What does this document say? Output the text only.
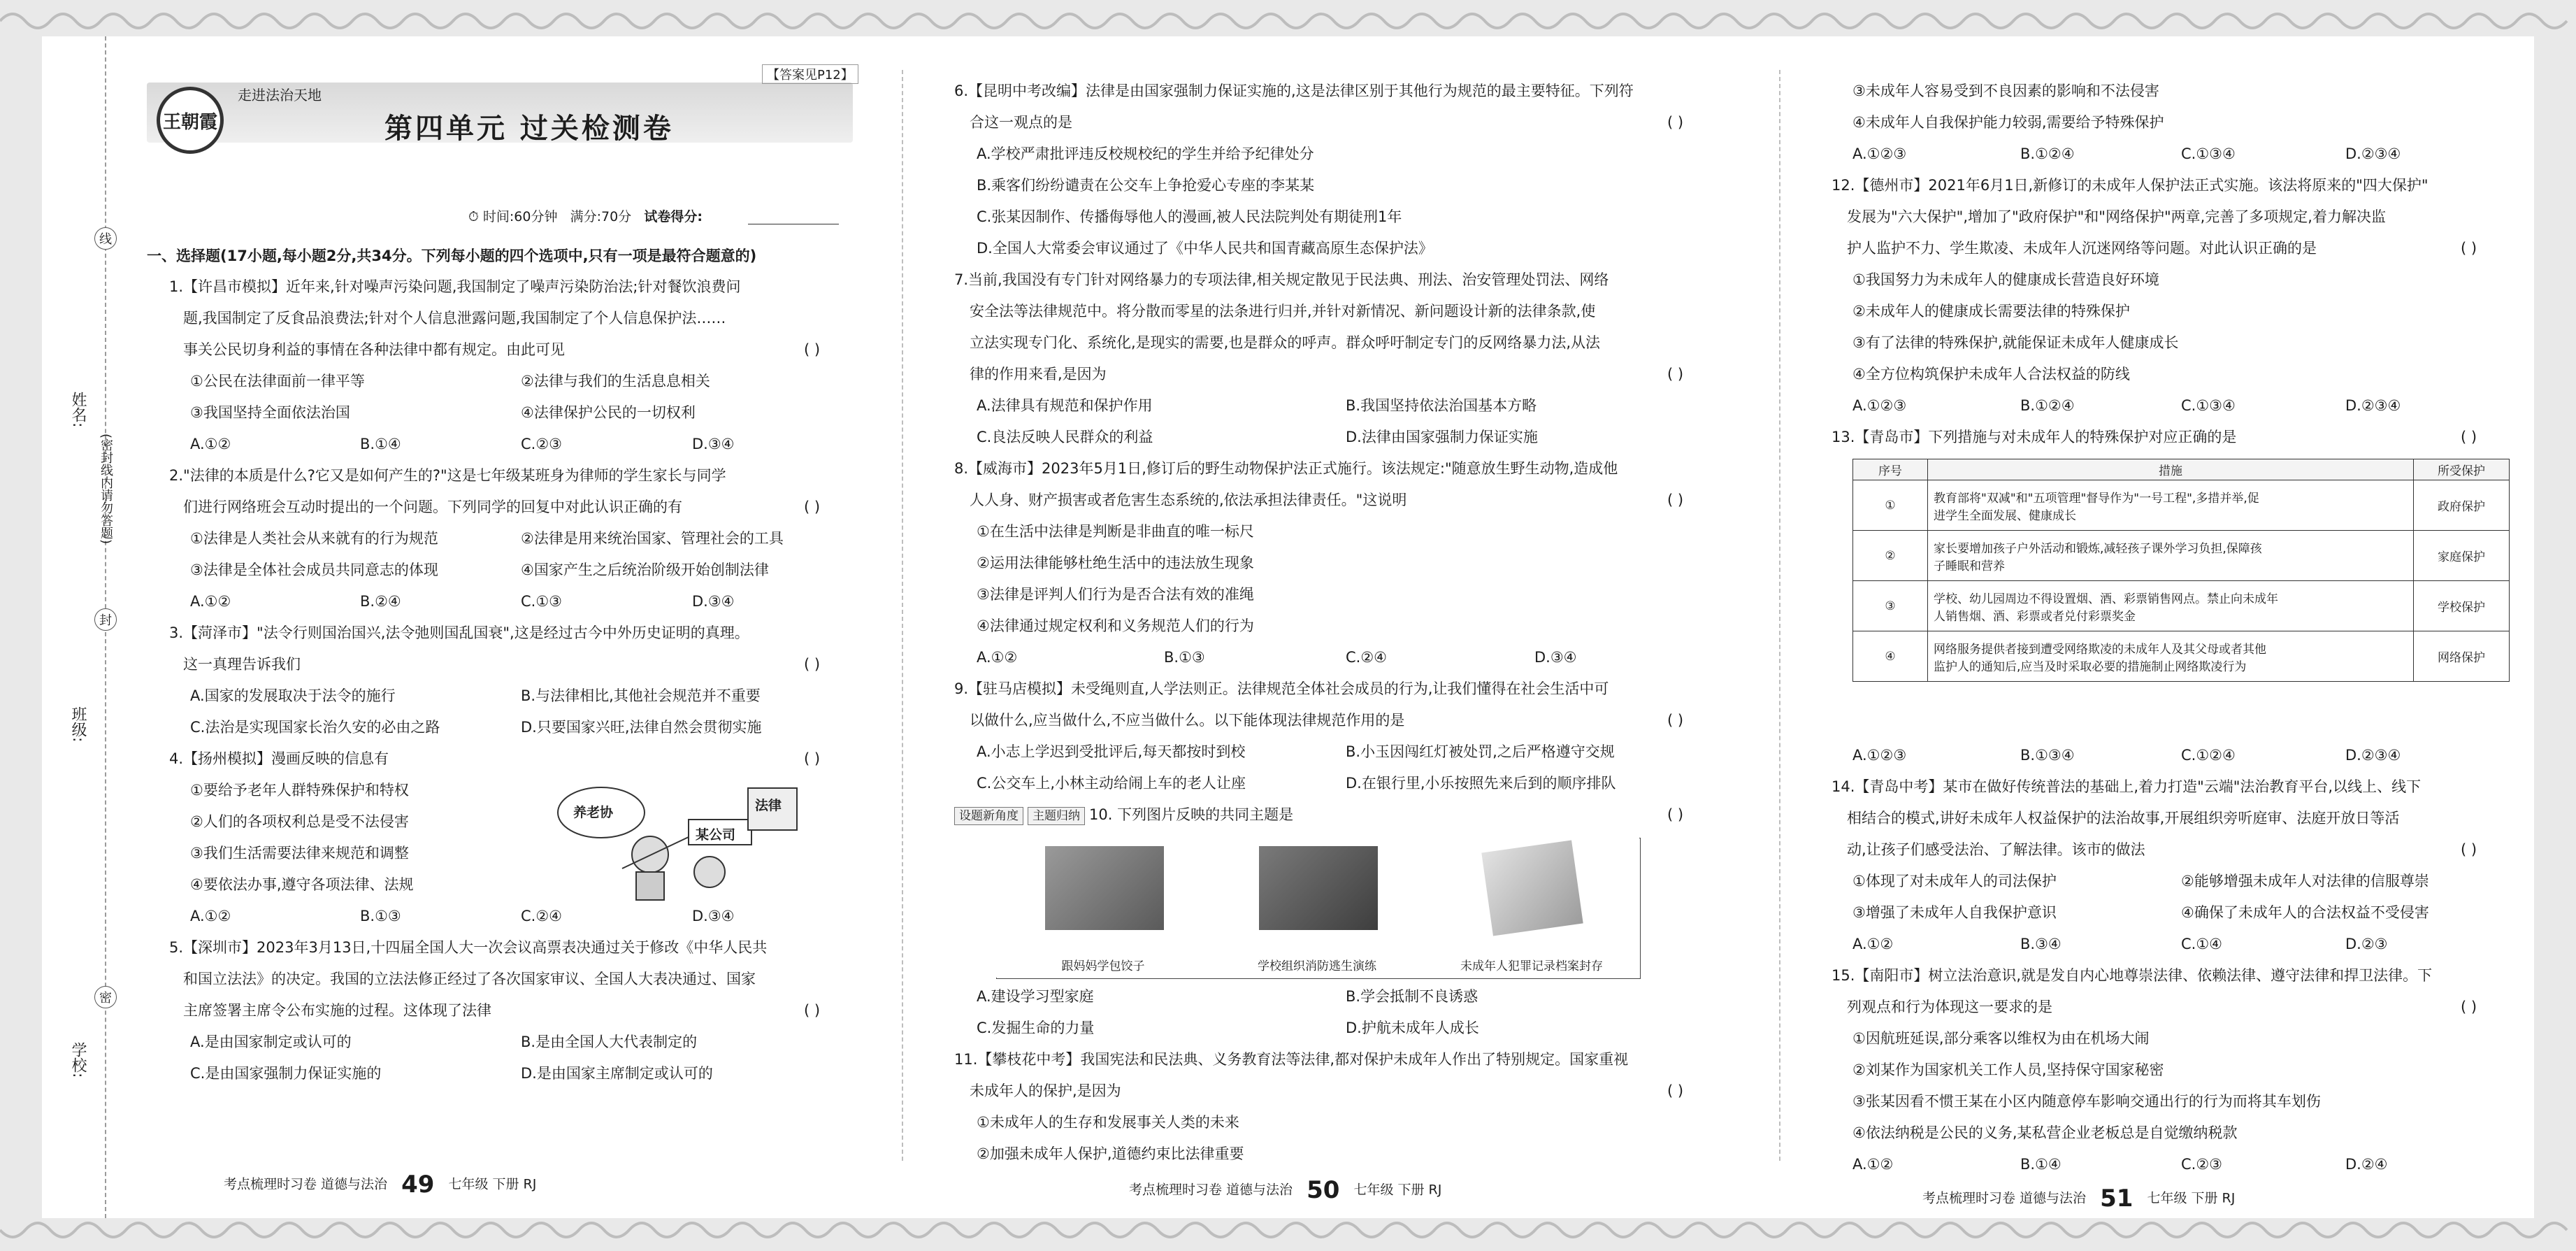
线
封
密
姓名:
(密封线内请勿答题)
班级:
学校:
王朝霞
走进法治天地
【答案见P12】
第四单元 过关检测卷
⏱ 时间:60分钟 满分:70分 试卷得分:
一、选择题(17小题,每小题2分,共34分。下列每小题的四个选项中,只有一项是最符合题意的)
1.【许昌市模拟】近年来,针对噪声污染问题,我国制定了噪声污染防治法;针对餐饮浪费问
题,我国制定了反食品浪费法;针对个人信息泄露问题,我国制定了个人信息保护法……
事关公民切身利益的事情在各种法律中都有规定。由此可见	( )
①公民在法律面前一律平等	②法律与我们的生活息息相关
③我国坚持全面依法治国	④法律保护公民的一切权利
A.①②	B.①④	C.②③	D.③④
2."法律的本质是什么?它又是如何产生的?"这是七年级某班身为律师的学生家长与同学
们进行网络班会互动时提出的一个问题。下列同学的回复中对此认识正确的有	( )
①法律是人类社会从来就有的行为规范	②法律是用来统治国家、管理社会的工具
③法律是全体社会成员共同意志的体现	④国家产生之后统治阶级开始创制法律
A.①②	B.②④	C.①③	D.③④
3.【菏泽市】"法令行则国治国兴,法令弛则国乱国衰",这是经过古今中外历史证明的真理。
这一真理告诉我们	( )
A.国家的发展取决于法令的施行	B.与法律相比,其他社会规范并不重要
C.法治是实现国家长治久安的必由之路	D.只要国家兴旺,法律自然会贯彻实施
4.【扬州模拟】漫画反映的信息有	( )
①要给予老年人群特殊保护和特权
②人们的各项权利总是受不法侵害
③我们生活需要法律来规范和调整
④要依法办事,遵守各项法律、法规
养老协
某公司
法律
A.①②	B.①③	C.②④	D.③④
5.【深圳市】2023年3月13日,十四届全国人大一次会议高票表决通过关于修改《中华人民共
和国立法法》的决定。我国的立法法修正经过了各次国家审议、全国人大表决通过、国家
主席签署主席令公布实施的过程。这体现了法律	( )
A.是由国家制定或认可的	B.是由全国人大代表制定的
C.是由国家强制力保证实施的	D.是由国家主席制定或认可的
考点梳理时习卷 道德与法治 49 七年级 下册 RJ
6.【昆明中考改编】法律是由国家强制力保证实施的,这是法律区别于其他行为规范的最主要特征。下列符
合这一观点的是	( )
A.学校严肃批评违反校规校纪的学生并给予纪律处分
B.乘客们纷纷谴责在公交车上争抢爱心专座的李某某
C.张某因制作、传播侮辱他人的漫画,被人民法院判处有期徒刑1年
D.全国人大常委会审议通过了《中华人民共和国青藏高原生态保护法》
7.当前,我国没有专门针对网络暴力的专项法律,相关规定散见于民法典、刑法、治安管理处罚法、网络
安全法等法律规范中。将分散而零星的法条进行归并,并针对新情况、新问题设计新的法律条款,使
立法实现专门化、系统化,是现实的需要,也是群众的呼声。群众呼吁制定专门的反网络暴力法,从法
律的作用来看,是因为	( )
A.法律具有规范和保护作用	B.我国坚持依法治国基本方略
C.良法反映人民群众的利益	D.法律由国家强制力保证实施
8.【威海市】2023年5月1日,修订后的野生动物保护法正式施行。该法规定:"随意放生野生动物,造成他
人人身、财产损害或者危害生态系统的,依法承担法律责任。"这说明	( )
①在生活中法律是判断是非曲直的唯一标尺
②运用法律能够杜绝生活中的违法放生现象
③法律是评判人们行为是否合法有效的准绳
④法律通过规定权利和义务规范人们的行为
A.①②	B.①③	C.②④	D.③④
9.【驻马店模拟】未受绳则直,人学法则正。法律规范全体社会成员的行为,让我们懂得在社会生活中可
以做什么,应当做什么,不应当做什么。以下能体现法律规范作用的是	( )
A.小志上学迟到受批评后,每天都按时到校	B.小玉因闯红灯被处罚,之后严格遵守交规
C.公交车上,小林主动给闹上车的老人让座	D.在银行里,小乐按照先来后到的顺序排队
设题新角度 主题归纳 10. 下列图片反映的共同主题是	( )
跟妈妈学包饺子	学校组织消防逃生演练	未成年人犯罪记录档案封存
A.建设学习型家庭	B.学会抵制不良诱惑
C.发掘生命的力量	D.护航未成年人成长
11.【攀枝花中考】我国宪法和民法典、义务教育法等法律,都对保护未成年人作出了特别规定。国家重视
未成年人的保护,是因为	( )
①未成年人的生存和发展事关人类的未来
②加强未成年人保护,道德约束比法律重要
考点梳理时习卷 道德与法治 50 七年级 下册 RJ
③未成年人容易受到不良因素的影响和不法侵害
④未成年人自我保护能力较弱,需要给予特殊保护
A.①②③	B.①②④	C.①③④	D.②③④
12.【德州市】2021年6月1日,新修订的未成年人保护法正式实施。该法将原来的"四大保护"
发展为"六大保护",增加了"政府保护"和"网络保护"两章,完善了多项规定,着力解决监
护人监护不力、学生欺凌、未成年人沉迷网络等问题。对此认识正确的是	( )
①我国努力为未成年人的健康成长营造良好环境
②未成年人的健康成长需要法律的特殊保护
③有了法律的特殊保护,就能保证未成年人健康成长
④全方位构筑保护未成年人合法权益的防线
A.①②③	B.①②④	C.①③④	D.②③④
13.【青岛市】下列措施与对未成年人的特殊保护对应正确的是	( )
序号	措施	所受保护
①	教育部将"双减"和"五项管理"督导作为"一号工程",多措并举,促
进学生全面发展、健康成长	政府保护
②	家长要增加孩子户外活动和锻炼,减轻孩子课外学习负担,保障孩
子睡眠和营养	家庭保护
③	学校、幼儿园周边不得设置烟、酒、彩票销售网点。禁止向未成年
人销售烟、酒、彩票或者兑付彩票奖金	学校保护
④	网络服务提供者接到遭受网络欺凌的未成年人及其父母或者其他
监护人的通知后,应当及时采取必要的措施制止网络欺凌行为	网络保护
A.①②③	B.①③④	C.①②④	D.②③④
14.【青岛中考】某市在做好传统普法的基础上,着力打造"云端"法治教育平台,以线上、线下
相结合的模式,讲好未成年人权益保护的法治故事,开展组织旁听庭审、法庭开放日等活
动,让孩子们感受法治、了解法律。该市的做法	( )
①体现了对未成年人的司法保护	②能够增强未成年人对法律的信服尊崇
③增强了未成年人自我保护意识	④确保了未成年人的合法权益不受侵害
A.①②	B.③④	C.①④	D.②③
15.【南阳市】树立法治意识,就是发自内心地尊崇法律、依赖法律、遵守法律和捍卫法律。下
列观点和行为体现这一要求的是	( )
①因航班延误,部分乘客以维权为由在机场大闹
②刘某作为国家机关工作人员,坚持保守国家秘密
③张某因看不惯王某在小区内随意停车影响交通出行的行为而将其车划伤
④依法纳税是公民的义务,某私营企业老板总是自觉缴纳税款
A.①②	B.①④	C.②③	D.②④
考点梳理时习卷 道德与法治 51 七年级 下册 RJ
